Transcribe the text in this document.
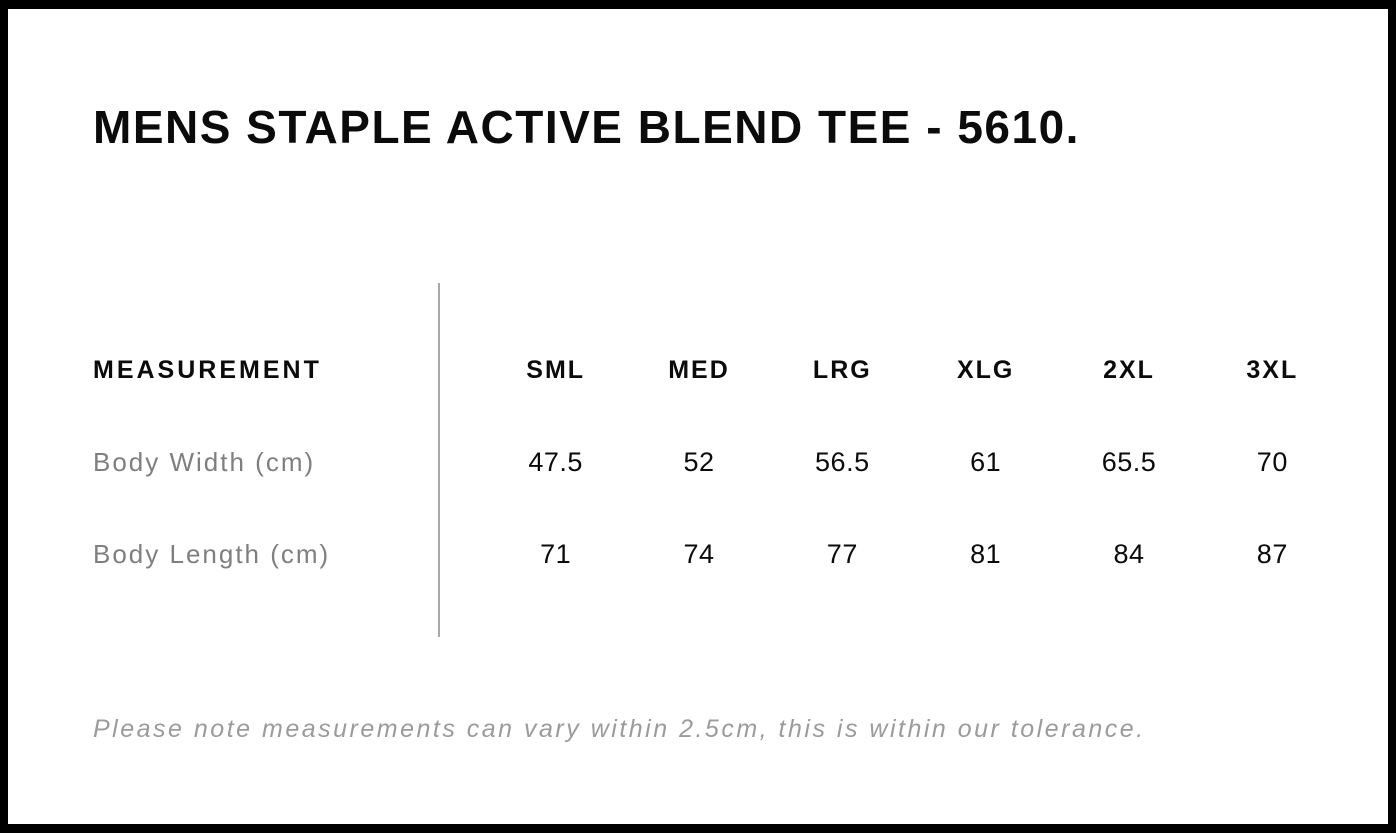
MENS STAPLE ACTIVE BLEND TEE - 5610.
MEASUREMENT	SML	MED	LRG	XLG	2XL	3XL
Body Width (cm)	47.5	52	56.5	61	65.5	70
Body Length (cm)	71	74	77	81	84	87

Please note measurements can vary within 2.5cm, this is within our tolerance.
